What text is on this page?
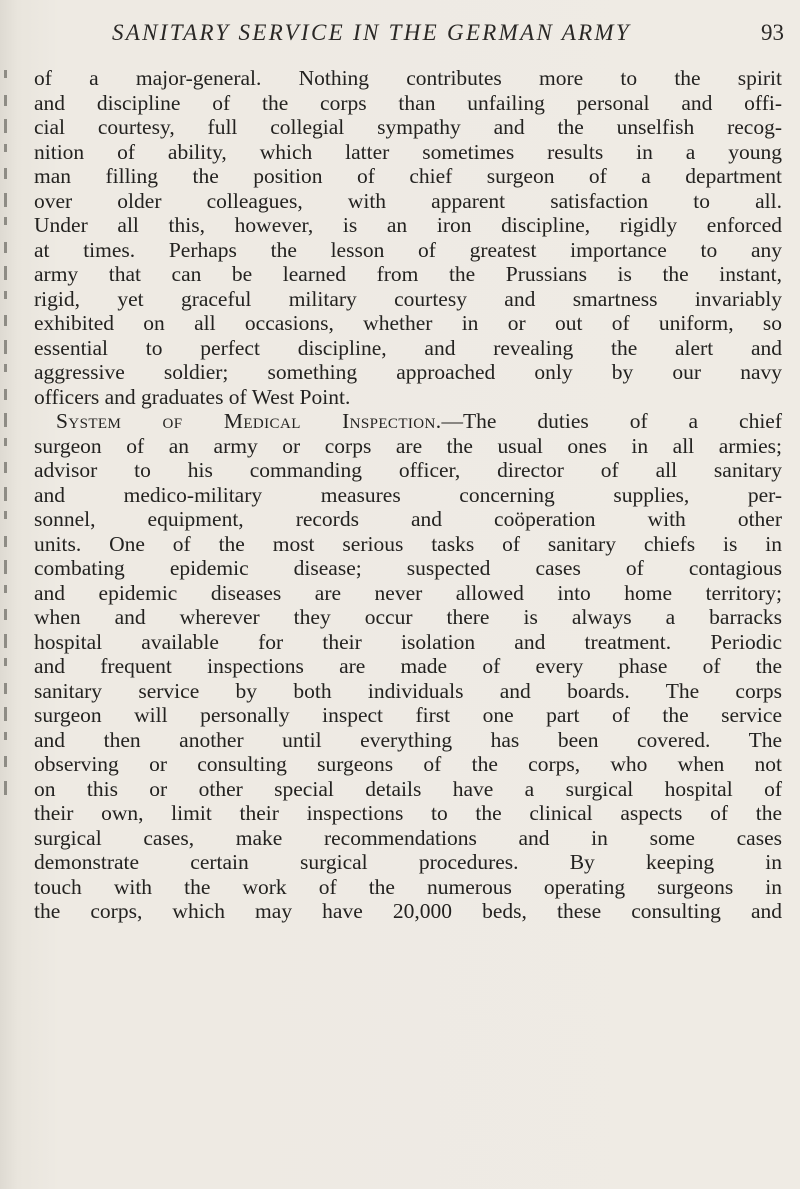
SANITARY SERVICE IN THE GERMAN ARMY	93
of a major-general. Nothing contributes more to the spirit
and discipline of the corps than unfailing personal and offi-
cial courtesy, full collegial sympathy and the unselfish recog-
nition of ability, which latter sometimes results in a young
man filling the position of chief surgeon of a department
over older colleagues, with apparent satisfaction to all.
Under all this, however, is an iron discipline, rigidly enforced
at times. Perhaps the lesson of greatest importance to any
army that can be learned from the Prussians is the instant,
rigid, yet graceful military courtesy and smartness invariably
exhibited on all occasions, whether in or out of uniform, so
essential to perfect discipline, and revealing the alert and
aggressive soldier; something approached only by our navy
officers and graduates of West Point.
System of Medical Inspection.—The duties of a chief
surgeon of an army or corps are the usual ones in all armies;
advisor to his commanding officer, director of all sanitary
and medico-military measures concerning supplies, per-
sonnel, equipment, records and coöperation with other
units. One of the most serious tasks of sanitary chiefs is in
combating epidemic disease; suspected cases of contagious
and epidemic diseases are never allowed into home territory;
when and wherever they occur there is always a barracks
hospital available for their isolation and treatment. Periodic
and frequent inspections are made of every phase of the
sanitary service by both individuals and boards. The corps
surgeon will personally inspect first one part of the service
and then another until everything has been covered. The
observing or consulting surgeons of the corps, who when not
on this or other special details have a surgical hospital of
their own, limit their inspections to the clinical aspects of the
surgical cases, make recommendations and in some cases
demonstrate certain surgical procedures. By keeping in
touch with the work of the numerous operating surgeons in
the corps, which may have 20,000 beds, these consulting and
